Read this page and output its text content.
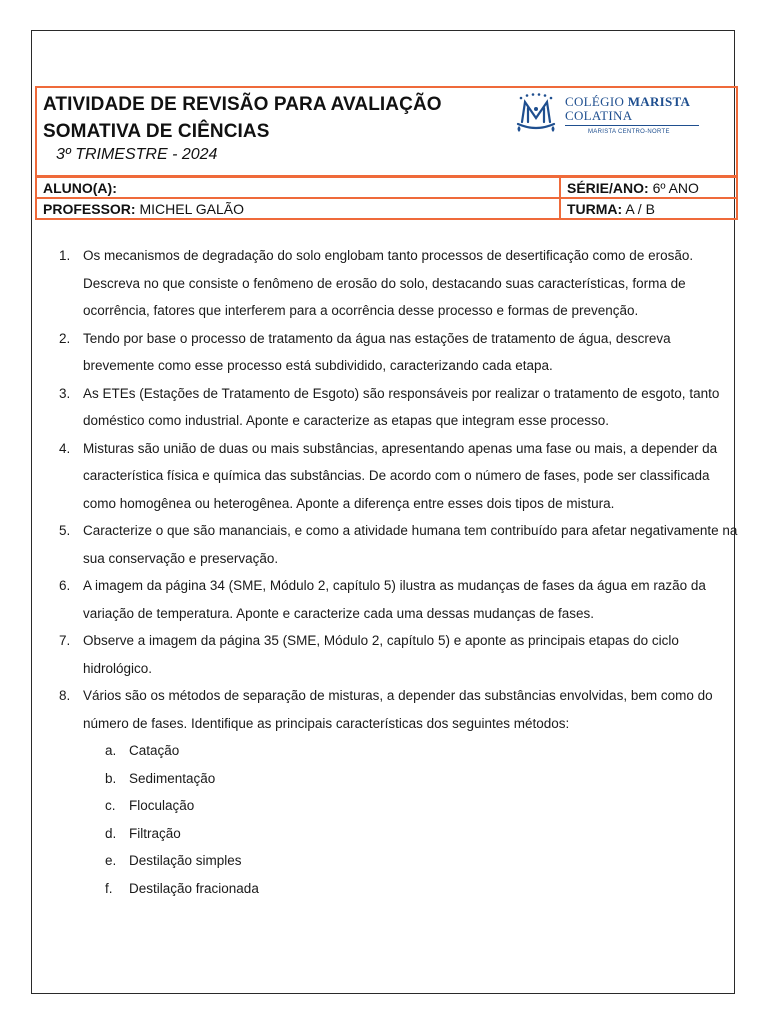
ATIVIDADE DE REVISÃO PARA AVALIAÇÃO SOMATIVA DE CIÊNCIAS
3º TRIMESTRE - 2024
COLÉGIO MARISTA
COLATINA
MARISTA CENTRO-NORTE
ALUNO(A):	SÉRIE/ANO: 6º ANO
PROFESSOR: MICHEL GALÃO	TURMA: A / B
1. Os mecanismos de degradação do solo englobam tanto processos de desertificação como de erosão. Descreva no que consiste o fenômeno de erosão do solo, destacando suas características, forma de ocorrência, fatores que interferem para a ocorrência desse processo e formas de prevenção.
2. Tendo por base o processo de tratamento da água nas estações de tratamento de água, descreva brevemente como esse processo está subdividido, caracterizando cada etapa.
3. As ETEs (Estações de Tratamento de Esgoto) são responsáveis por realizar o tratamento de esgoto, tanto doméstico como industrial. Aponte e caracterize as etapas que integram esse processo.
4. Misturas são união de duas ou mais substâncias, apresentando apenas uma fase ou mais, a depender da característica física e química das substâncias. De acordo com o número de fases, pode ser classificada como homogênea ou heterogênea. Aponte a diferença entre esses dois tipos de mistura.
5. Caracterize o que são mananciais, e como a atividade humana tem contribuído para afetar negativamente na sua conservação e preservação.
6. A imagem da página 34 (SME, Módulo 2, capítulo 5) ilustra as mudanças de fases da água em razão da variação de temperatura. Aponte e caracterize cada uma dessas mudanças de fases.
7. Observe a imagem da página 35 (SME, Módulo 2, capítulo 5) e aponte as principais etapas do ciclo hidrológico.
8. Vários são os métodos de separação de misturas, a depender das substâncias envolvidas, bem como do número de fases. Identifique as principais características dos seguintes métodos:
a. Catação
b. Sedimentação
c. Floculação
d. Filtração
e. Destilação simples
f. Destilação fracionada
